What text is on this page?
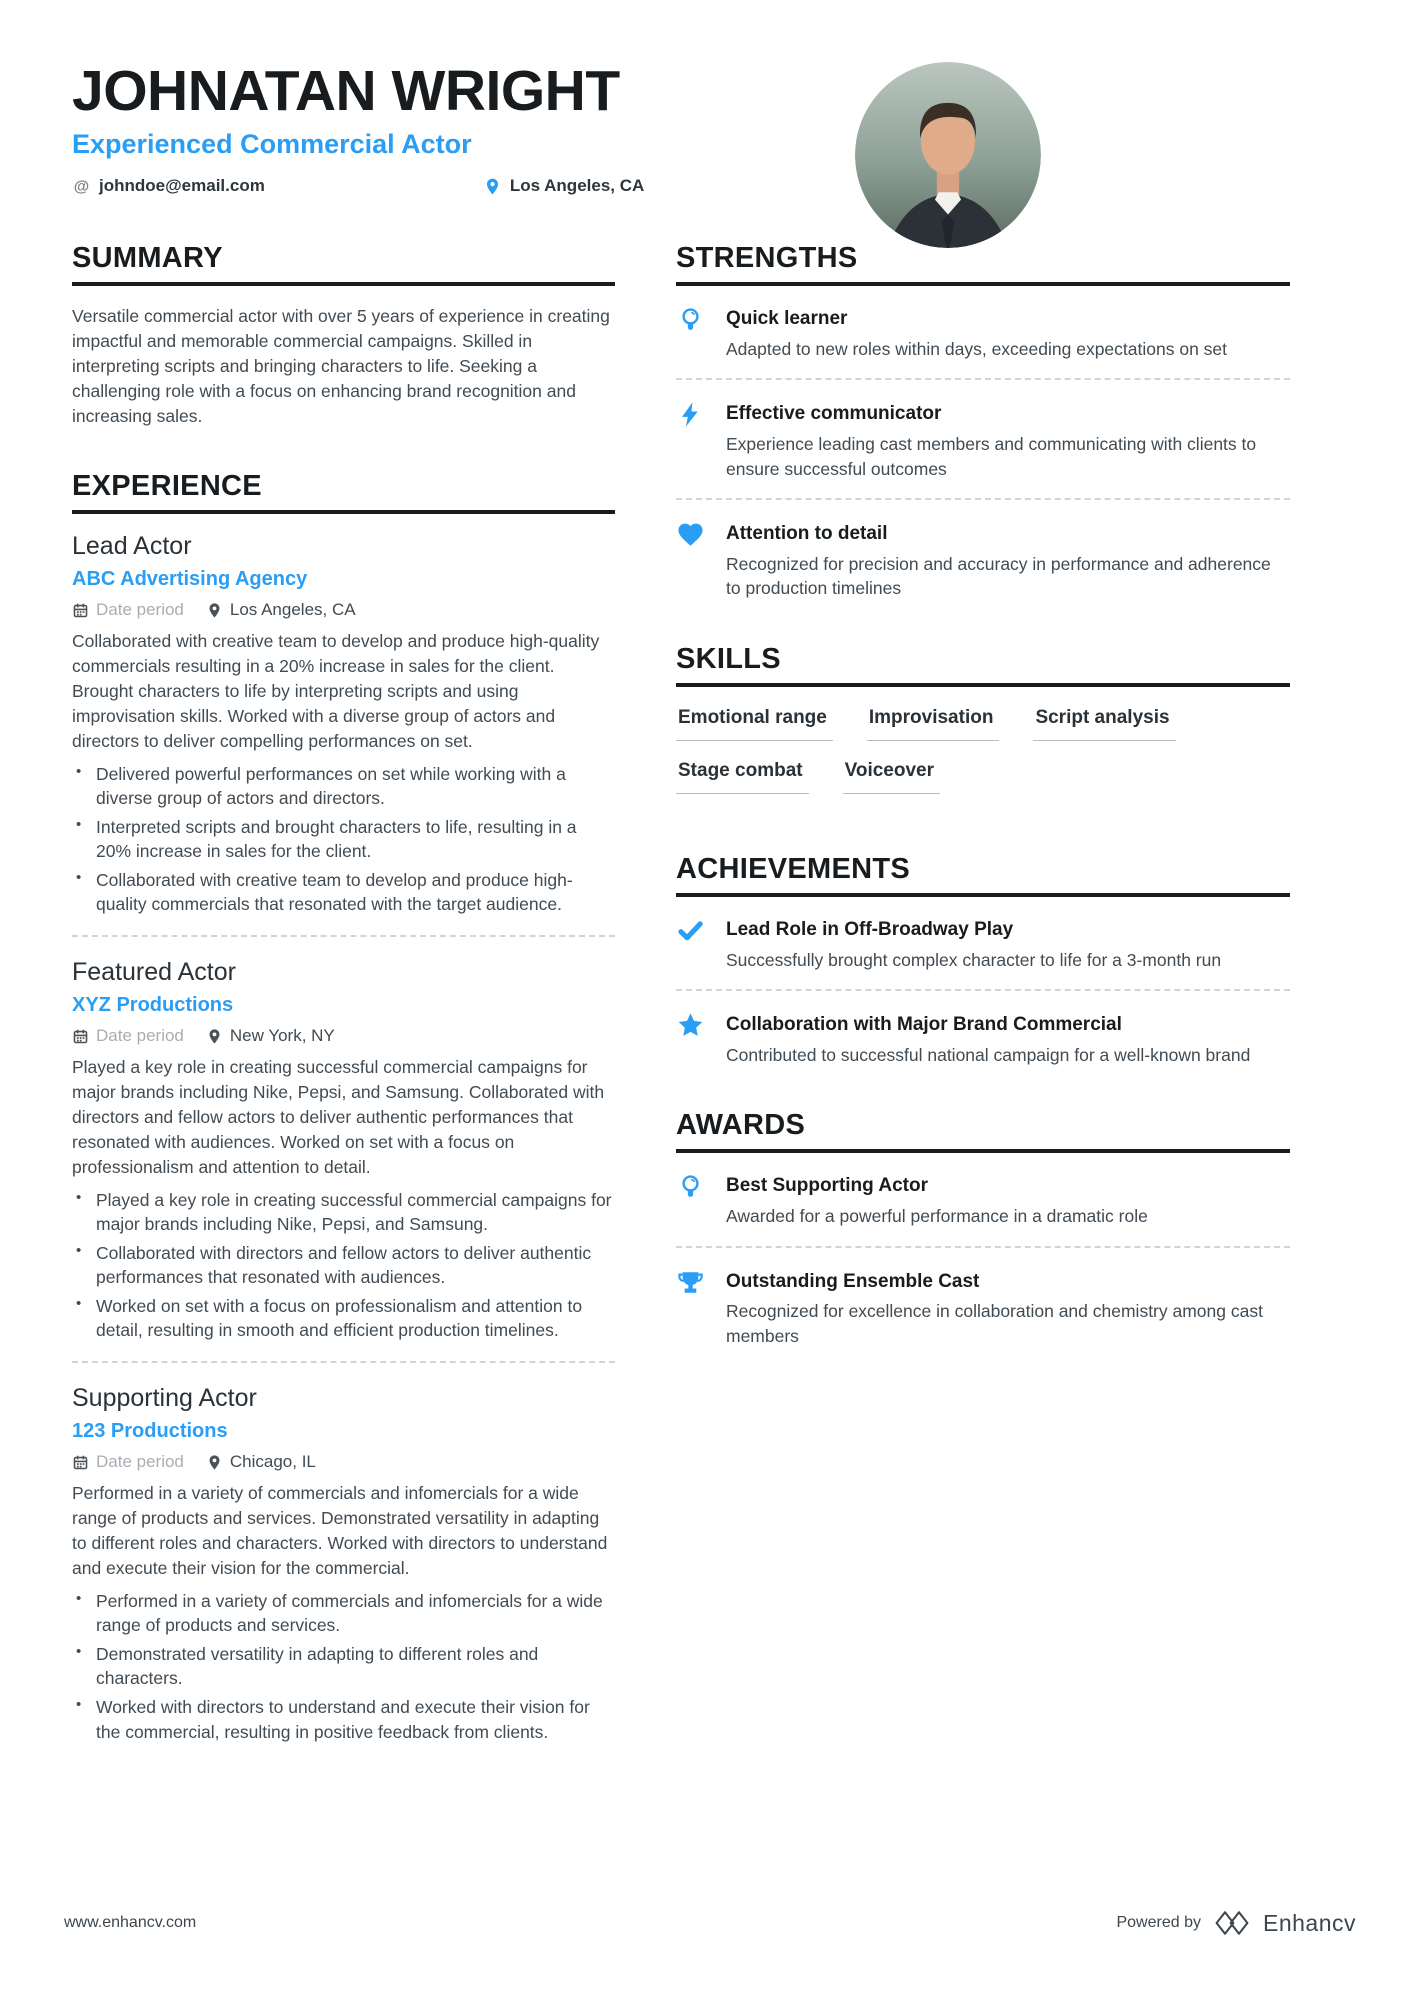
JOHNATAN WRIGHT
Experienced Commercial Actor
@ johndoe@email.com	Los Angeles, CA
SUMMARY

Versatile commercial actor with over 5 years of experience in creating impactful and memorable commercial campaigns. Skilled in interpreting scripts and bringing characters to life. Seeking a challenging role with a focus on enhancing brand recognition and increasing sales.

EXPERIENCE
Lead Actor
ABC Advertising Agency
Date period	Los Angeles, CA

Collaborated with creative team to develop and produce high-quality commercials resulting in a 20% increase in sales for the client. Brought characters to life by interpreting scripts and using improvisation skills. Worked with a diverse group of actors and directors to deliver compelling performances on set.

• Delivered powerful performances on set while working with a diverse group of actors and directors.
• Interpreted scripts and brought characters to life, resulting in a 20% increase in sales for the client.
• Collaborated with creative team to develop and produce high-quality commercials that resonated with the target audience.
Featured Actor
XYZ Productions
Date period	New York, NY

Played a key role in creating successful commercial campaigns for major brands including Nike, Pepsi, and Samsung. Collaborated with directors and fellow actors to deliver authentic performances that resonated with audiences. Worked on set with a focus on professionalism and attention to detail.

• Played a key role in creating successful commercial campaigns for major brands including Nike, Pepsi, and Samsung.
• Collaborated with directors and fellow actors to deliver authentic performances that resonated with audiences.
• Worked on set with a focus on professionalism and attention to detail, resulting in smooth and efficient production timelines.
Supporting Actor
123 Productions
Date period	Chicago, IL

Performed in a variety of commercials and infomercials for a wide range of products and services. Demonstrated versatility in adapting to different roles and characters. Worked with directors to understand and execute their vision for the commercial.

• Performed in a variety of commercials and infomercials for a wide range of products and services.
• Demonstrated versatility in adapting to different roles and characters.
• Worked with directors to understand and execute their vision for the commercial, resulting in positive feedback from clients.
STRENGTHS
Quick learner
Adapted to new roles within days, exceeding expectations on set
Effective communicator
Experience leading cast members and communicating with clients to ensure successful outcomes
Attention to detail
Recognized for precision and accuracy in performance and adherence to production timelines
SKILLS
Emotional range	Improvisation	Script analysis
Stage combat	Voiceover
ACHIEVEMENTS
Lead Role in Off-Broadway Play
Successfully brought complex character to life for a 3-month run
Collaboration with Major Brand Commercial
Contributed to successful national campaign for a well-known brand
AWARDS
Best Supporting Actor
Awarded for a powerful performance in a dramatic role
Outstanding Ensemble Cast
Recognized for excellence in collaboration and chemistry among cast members
www.enhancv.com	Powered by	Enhancv
